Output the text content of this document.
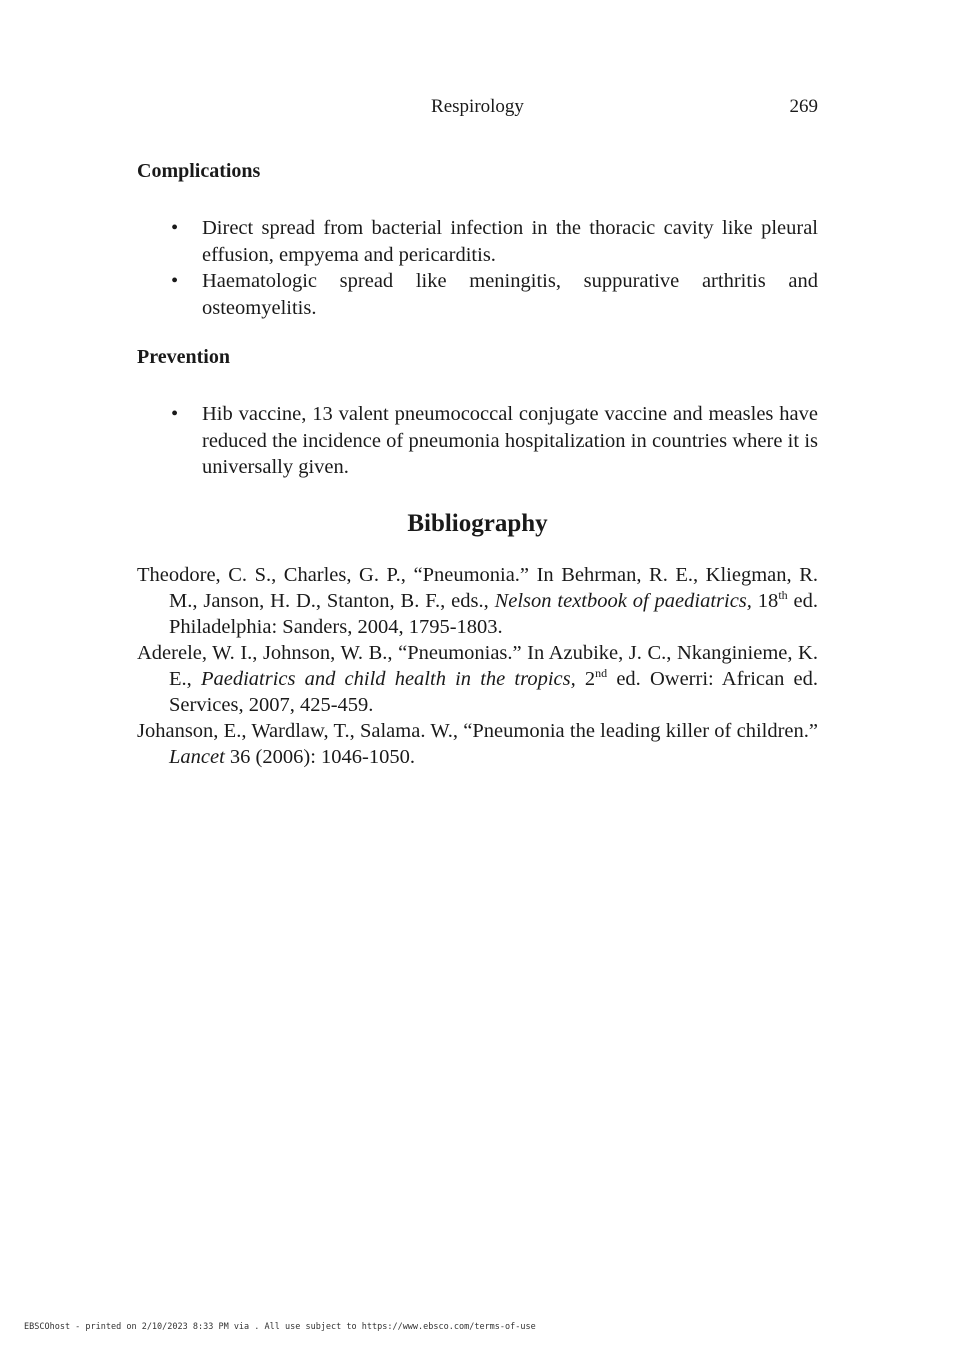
Respirology	269
Complications
• Direct spread from bacterial infection in the thoracic cavity like pleural effusion, empyema and pericarditis.
• Haematologic spread like meningitis, suppurative arthritis and osteomyelitis.
Prevention
• Hib vaccine, 13 valent pneumococcal conjugate vaccine and measles have reduced the incidence of pneumonia hospitalization in countries where it is universally given.
Bibliography

Theodore, C. S., Charles, G. P., “Pneumonia.” In Behrman, R. E., Kliegman, R. M., Janson, H. D., Stanton, B. F., eds., Nelson textbook of paediatrics, 18th ed. Philadelphia: Sanders, 2004, 1795-1803.

Aderele, W. I., Johnson, W. B., “Pneumonias.” In Azubike, J. C., Nkanginieme, K. E., Paediatrics and child health in the tropics, 2nd ed. Owerri: African ed. Services, 2007, 425-459.

Johanson, E., Wardlaw, T., Salama. W., “Pneumonia the leading killer of children.” Lancet 36 (2006): 1046-1050.

EBSCOhost - printed on 2/10/2023 8:33 PM via . All use subject to https://www.ebsco.com/terms-of-use
